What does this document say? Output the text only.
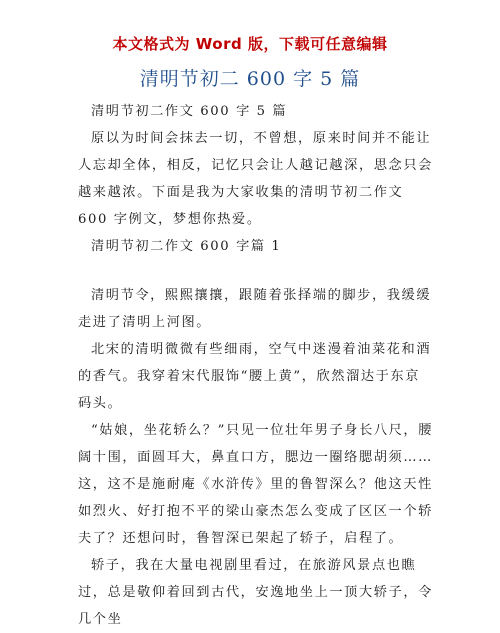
本文格式为 Word 版，下载可任意编辑
清明节初二 600 字 5 篇

清明节初二作文 600 字 5 篇

原以为时间会抹去一切，不曾想，原来时间并不能让人忘却全体，相反，记忆只会让人越记越深，思念只会越来越浓。下面是我为大家收集的清明节初二作文 600 字例文，梦想你热爱。

清明节初二作文 600 字篇 1

清明节令，熙熙攘攘，跟随着张择端的脚步，我缓缓走进了清明上河图。

北宋的清明微微有些细雨，空气中迷漫着油菜花和酒的香气。我穿着宋代服饰“腰上黄”，欣然溜达于东京码头。

“姑娘，坐花轿么？”只见一位壮年男子身长八尺，腰阔十围，面圆耳大，鼻直口方，腮边一圈络腮胡须……这，这不是施耐庵《水浒传》里的鲁智深么？他这天性如烈火、好打抱不平的梁山豪杰怎么变成了区区一个轿夫了？还想问时，鲁智深已架起了轿子，启程了。

轿子，我在大量电视剧里看过，在旅游风景点也瞧过，总是敬仰着回到古代，安逸地坐上一顶大轿子，令几个坐
